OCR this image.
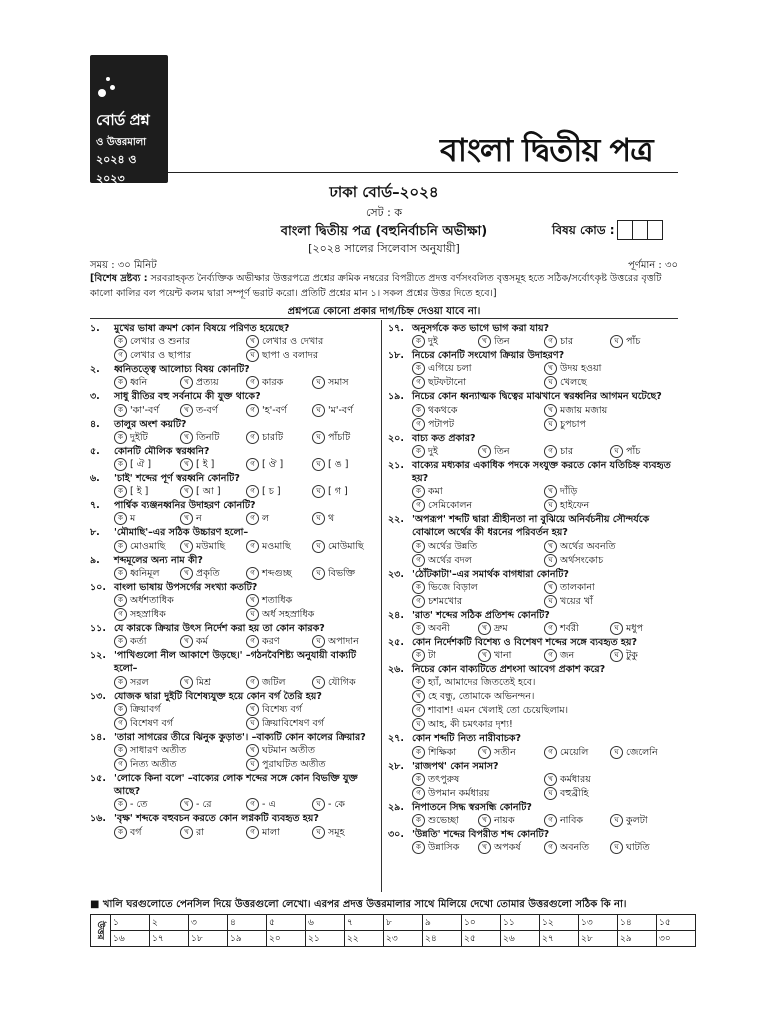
বোর্ড প্রশ্ন
ও উত্তরমালা
২০২৪ ও ২০২৩
বাংলা দ্বিতীয় পত্র
ঢাকা বোর্ড–২০২৪
সেট : ক
বাংলা দ্বিতীয় পত্র (বহুনির্বাচনি অভীক্ষা)
[২০২৪ সালের সিলেবাস অনুযায়ী]
বিষয় কোড :
সময় : ৩০ মিনিট	পূর্ণমান : ৩০
[বিশেষ দ্রষ্টব্য : সরবরাহকৃত নৈর্ব্যক্তিক অভীক্ষার উত্তরপত্রে প্রশ্নের ক্রমিক নম্বরের বিপরীতে প্রদত্ত বর্ণসংবলিত বৃত্তসমূহ হতে সঠিক/সর্বোৎকৃষ্ট উত্তরের বৃত্তটি কালো কালির বল পয়েন্ট কলম দ্বারা সম্পূর্ণ ভরাট করো। প্রতিটি প্রশ্নের মান ১। সকল প্রশ্নের উত্তর দিতে হবে।]
প্রশ্নপত্রে কোনো প্রকার দাগ/চিহ্ন দেওয়া যাবে না।
১.	মুখের ভাষা ক্রমশ কোন বিষয়ে পরিণত হয়েছে?
ক লেখার ও শুনার	খ লেখার ও দেখার
গ লেখার ও ছাপার	ঘ ছাপা ও বলাদর
২.	ধ্বনিতত্ত্বে আলোচ্য বিষয় কোনটি?
ক ধ্বনি	খ প্রত্যয়	গ কারক	ঘ সমাস
৩.	সাধু রীতির বহু সর্বনামে কী যুক্ত থাকে?
ক 'কা'-বর্ণ	খ ত-বর্ণ	গ 'হ'-বর্ণ	ঘ 'ম'-বর্ণ
৪.	তালুর অংশ কয়টি?
ক দুইটি	খ তিনটি	গ চারটি	ঘ পাঁচটি
৫.	কোনটি মৌলিক স্বরধ্বনি?
ক [ ঐ ]	খ [ ই ]	গ [ ঔ ]	ঘ [ ঙ ]
৬.	'চাই' শব্দের পূর্ণ স্বরধ্বনি কোনটি?
ক [ ই ]	খ [ আ ]	গ [ চ ]	ঘ [ গ ]
৭.	পার্শ্বিক ব্যঞ্জনধ্বনির উদাহরণ কোনটি?
ক ম	খ ন	গ ল	ঘ থ
৮.	'মৌমাছি'–এর সঠিক উচ্চারণ হলো–
ক মোওমাছি	খ মউমাছি	গ মওমাছি	ঘ মোউমাছি
৯.	শব্দমূলের অন্য নাম কী?
ক ধ্বনিমূল	খ প্রকৃতি	গ শব্দগুচ্ছ	ঘ বিভক্তি
১০. বাংলা ভাষায় উপসর্গের সংখ্যা কতটি?
ক অর্ধশতাধিক	খ শতাধিক
গ সহস্রাধিক	ঘ অর্ধ সহস্রাধিক
১১. যে কারকে ক্রিয়ার উৎস নির্দেশ করা হয় তা কোন কারক?
ক কর্তা	খ কর্ম	গ করণ	ঘ অপাদান
১২. 'পাখিগুলো নীল আকাশে উড়ছে।' –গঠনবৈশিষ্ট্য অনুযায়ী বাক্যটি হলো–
ক সরল	খ মিশ্র	গ জটিল	ঘ যৌগিক
১৩. যোজক দ্বারা দুইটি বিশেষ্যযুক্ত হয়ে কোন বর্গ তৈরি হয়?
ক ক্রিয়াবর্গ	খ বিশেষ্য বর্গ
গ বিশেষণ বর্গ	ঘ ক্রিয়াবিশেষণ বর্গ
১৪. 'তারা সাগরের তীরে ঝিনুক কুড়াত'। –বাক্যটি কোন কালের ক্রিয়ার?
ক সাধারণ অতীত	খ ঘটমান অতীত
গ নিত্য অতীত	ঘ পুরাঘটিত অতীত
১৫. 'লোকে কিনা বলে' –বাক্যের লোক শব্দের সঙ্গে কোন বিভক্তি যুক্ত আছে?
ক - তে	খ - রে	গ - এ	ঘ - কে
১৬. 'বৃক্ষ' শব্দকে বহুবচন করতে কোন লগ্নকটি ব্যবহৃত হয়?
ক বর্গ	খ রা	গ মালা	ঘ সমূহ
১৭. অনুসর্গকে কত ভাগে ভাগ করা যায়?
ক দুই	খ তিন	গ চার	ঘ পাঁচ
১৮. নিচের কোনটি সংযোগ ক্রিয়ার উদাহরণ?
ক এগিয়ে চলা	খ উদয় হওয়া
গ ছটফটানো	ঘ খেলছে
১৯. নিচের কোন ধ্বন্যাত্মক দ্বিত্বের মাঝখানে স্বরধ্বনির আগমন ঘটেছে?
ক থকথকে	খ মজায় মজায়
গ পটাপট	ঘ চুপচাপ
২০. বাচ্য কত প্রকার?
ক দুই	খ তিন	গ চার	ঘ পাঁচ
২১. বাক্যের মধ্যকার একাধিক পদকে সংযুক্ত করতে কোন যতিচিহ্ন ব্যবহৃত হয়?
ক কমা	খ দাঁড়ি
গ সেমিকোলন	ঘ হাইফেন
২২. 'অপরূপ' শব্দটি দ্বারা শ্রীহীনতা না বুঝিয়ে অনির্বচনীয় সৌন্দর্যকে বোঝালে অর্থের কী ধরনের পরিবর্তন হয়?
ক অর্থের উন্নতি	খ অর্থের অবনতি
গ অর্থের বদল	ঘ অর্থসংকোচ
২৩. 'ঠোঁটকাটা'–এর সমার্থক বাগধারা কোনটি?
ক ভিজে বিড়াল	খ তালকানা
গ চশমখোর	ঘ খয়ের খাঁ
২৪. 'রাত' শব্দের সঠিক প্রতিশব্দ কোনটি?
ক অবনী	খ দ্রুম	গ শর্বরী	ঘ মধুপ
২৫. কোন নির্দেশকটি বিশেষ্য ও বিশেষণ শব্দের সঙ্গে ব্যবহৃত হয়?
ক টা	খ খানা	গ জন	ঘ টুকু
২৬. নিচের কোন বাক্যটিতে প্রশংসা আবেগ প্রকাশ করে?
ক হ্যাঁ, আমাদের জিততেই হবে।
খ হে বন্ধু, তোমাকে অভিনন্দন।
গ শাবাশ! এমন খেলাই তো চেয়েছিলাম।
ঘ আহ, কী চমৎকার দৃশ্য!
২৭. কোন শব্দটি নিত্য নারীবাচক?
ক শিক্ষিকা	খ সতীন	গ মেয়েলি	ঘ জেলেনি
২৮. 'রাজপথ' কোন সমাস?
ক তৎপুরুষ	খ কর্মধারয়
গ উপমান কর্মধারয়	ঘ বহুব্রীহি
২৯. নিপাতনে সিদ্ধ স্বরসন্ধি কোনটি?
ক শুভেচ্ছা	খ নায়ক	গ নাবিক	ঘ কুলটা
৩০. 'উন্নতি' শব্দের বিপরীত শব্দ কোনটি?
ক উন্নাসিক	খ অপকর্ষ	গ অবনতি	ঘ ঘাটতি
■ খালি ঘরগুলোতে পেনসিল দিয়ে উত্তরগুলো লেখো। এরপর প্রদত্ত উত্তরমালার সাথে মিলিয়ে দেখো তোমার উত্তরগুলো সঠিক কি না।
উত্তর	১	২	৩	৪	৫	৬	৭	৮	৯	১০	১১	১২	১৩	১৪	১৫
	১৬	১৭	১৮	১৯	২০	২১	২২	২৩	২৪	২৫	২৬	২৭	২৮	২৯	৩০
